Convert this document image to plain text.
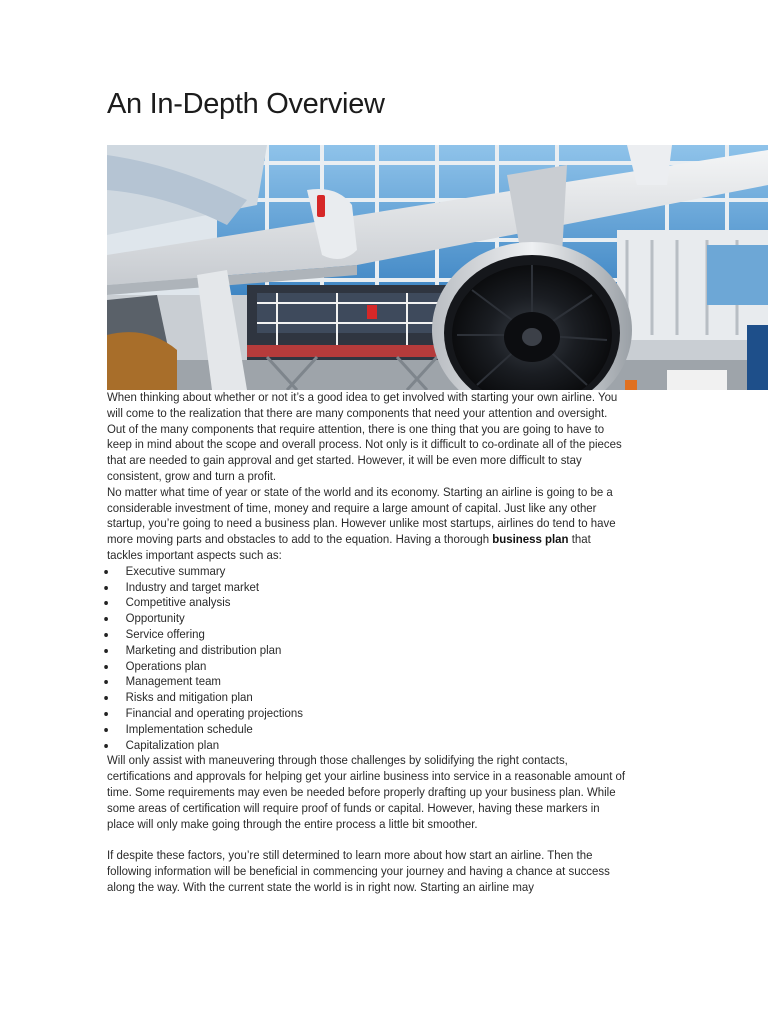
An In-Depth Overview

When thinking about whether or not it’s a good idea to get involved with starting your own airline. You will come to the realization that there are many components that need your attention and oversight. Out of the many components that require attention, there is one thing that you are going to have to keep in mind about the scope and overall process. Not only is it difficult to co-ordinate all of the pieces that are needed to gain approval and get started. However, it will be even more difficult to stay consistent, grow and turn a profit.

No matter what time of year or state of the world and its economy. Starting an airline is going to be a considerable investment of time, money and require a large amount of capital. Just like any other startup, you’re going to need a business plan. However unlike most startups, airlines do tend to have more moving parts and obstacles to add to the equation. Having a thorough business plan that tackles important aspects such as:

Executive summary
Industry and target market
Competitive analysis
Opportunity
Service offering
Marketing and distribution plan
Operations plan
Management team
Risks and mitigation plan
Financial and operating projections
Implementation schedule
Capitalization plan

Will only assist with maneuvering through those challenges by solidifying the right contacts, certifications and approvals for helping get your airline business into service in a reasonable amount of time. Some requirements may even be needed before properly drafting up your business plan. While some areas of certification will require proof of funds or capital. However, having these markers in place will only make going through the entire process a little bit smoother.

If despite these factors, you’re still determined to learn more about how start an airline. Then the following information will be beneficial in commencing your journey and having a chance at success along the way. With the current state the world is in right now. Starting an airline may
